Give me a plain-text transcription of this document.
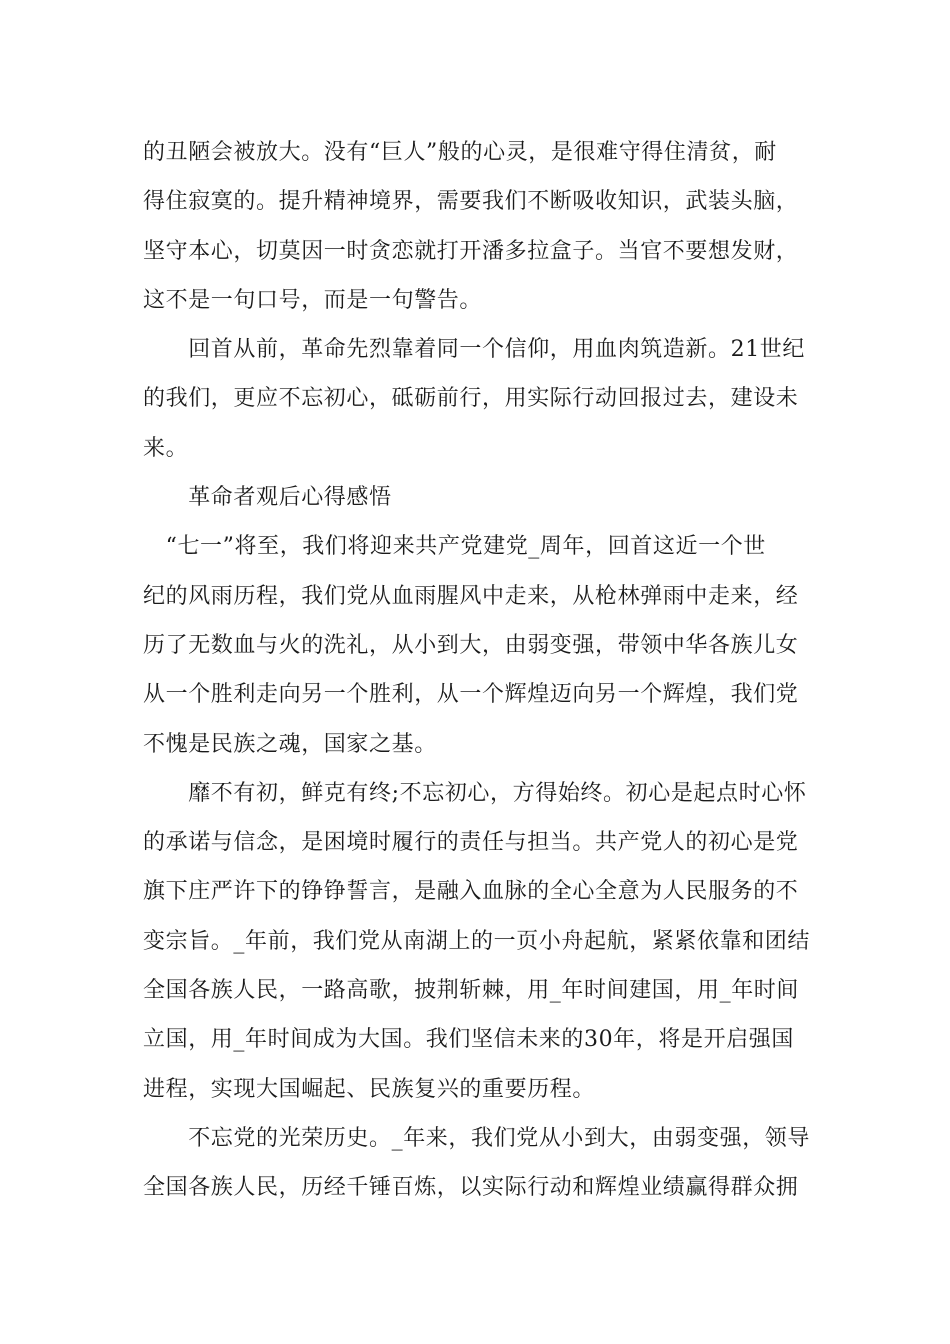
的丑陋会被放大。没有“巨人”般的心灵，是很难守得住清贫，耐
得住寂寞的。提升精神境界，需要我们不断吸收知识，武装头脑，
坚守本心，切莫因一时贪恋就打开潘多拉盒子。当官不要想发财，
这不是一句口号，而是一句警告。
　　回首从前，革命先烈靠着同一个信仰，用血肉筑造新。21世纪
的我们，更应不忘初心，砥砺前行，用实际行动回报过去，建设未
来。
　　革命者观后心得感悟
　“七一”将至，我们将迎来共产党建党_周年，回首这近一个世
纪的风雨历程，我们党从血雨腥风中走来，从枪林弹雨中走来，经
历了无数血与火的洗礼，从小到大，由弱变强，带领中华各族儿女
从一个胜利走向另一个胜利，从一个辉煌迈向另一个辉煌，我们党
不愧是民族之魂，国家之基。
　　靡不有初，鲜克有终;不忘初心，方得始终。初心是起点时心怀
的承诺与信念，是困境时履行的责任与担当。共产党人的初心是党
旗下庄严许下的铮铮誓言，是融入血脉的全心全意为人民服务的不
变宗旨。_年前，我们党从南湖上的一页小舟起航，紧紧依靠和团结
全国各族人民，一路高歌，披荆斩棘，用_年时间建国，用_年时间
立国，用_年时间成为大国。我们坚信未来的30年，将是开启强国
进程，实现大国崛起、民族复兴的重要历程。
　　不忘党的光荣历史。_年来，我们党从小到大，由弱变强，领导
全国各族人民，历经千锤百炼，以实际行动和辉煌业绩赢得群众拥
